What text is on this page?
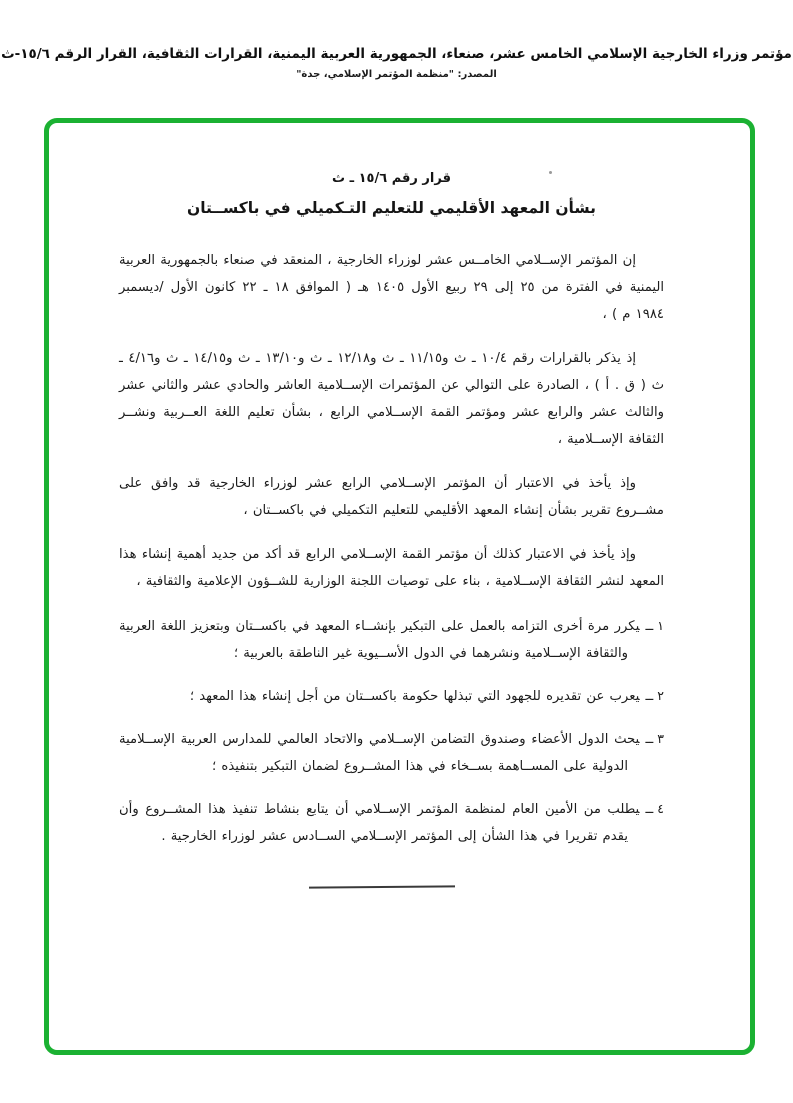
مؤتمر وزراء الخارجية الإسلامي الخامس عشر، صنعاء، الجمهورية العربية اليمنية، القرارات الثقافية، القرار الرقم ١٥/٦-ث
المصدر: "منظمة المؤتمر الإسلامي، جدة"
قرار رقم ١٥/٦ ـ ث
بشأن المعهد الأقليمي للتعليم التـكميلي في باكســتان

إن المؤتمر الإســلامي الخامــس عشر لوزراء الخارجية ، المنعقد في صنعاء بالجمهورية العربية اليمنية في الفترة من ٢٥ إلى ٢٩ ربيع الأول ١٤٠٥ هـ ( الموافق ١٨ ـ ٢٢ كانون الأول /ديسمبر ١٩٨٤ م ) ،

إذ يذكر بالقرارات رقم ١٠/٤ ـ ث و١١/١٥ ـ ث و١٢/١٨ ـ ث و١٣/١٠ ـ ث و١٤/١٥ ـ ث و٤/١٦ ـ ث ( ق . أ ) ، الصادرة على التوالي عن المؤتمرات الإســلامية العاشر والحادي عشر والثاني عشر والثالث عشر والرابع عشر ومؤتمر القمة الإســلامي الرابع ، بشأن تعليم اللغة العــربية ونشــر الثقافة الإســلامية ،

وإذ يأخذ في الاعتبار أن المؤتمر الإســلامي الرابع عشر لوزراء الخارجية قد وافق على مشــروع تقرير بشأن إنشاء المعهد الأقليمي للتعليم التكميلي في باكســتان ،

وإذ يأخذ في الاعتبار كذلك أن مؤتمر القمة الإســلامي الرابع قد أكد من جديد أهمية إنشاء هذا المعهد لنشر الثقافة الإســلامية ، بناء على توصيات اللجنة الوزارية للشــؤون الإعلامية والثقافية ،

١ــيكرر مرة أخرى التزامه بالعمل على التبكير بإنشــاء المعهد في باكســتان وبتعزيز اللغة العربية والثقافة الإســلامية ونشرهما في الدول الأســيوية غير الناطقة بالعربية ؛
٢ــيعرب عن تقديره للجهود التي تبذلها حكومة باكســتان من أجل إنشاء هذا المعهد ؛
٣ــيحث الدول الأعضاء وصندوق التضامن الإســلامي والاتحاد العالمي للمدارس العربية الإســلامية الدولية على المســاهمة بســخاء في هذا المشــروع لضمان التبكير بتنفيذه ؛
٤ــيطلب من الأمين العام لمنظمة المؤتمر الإســلامي أن يتابع بنشاط تنفيذ هذا المشــروع وأن يقدم تقريرا في هذا الشأن إلى المؤتمر الإســلامي الســادس عشر لوزراء الخارجية .
